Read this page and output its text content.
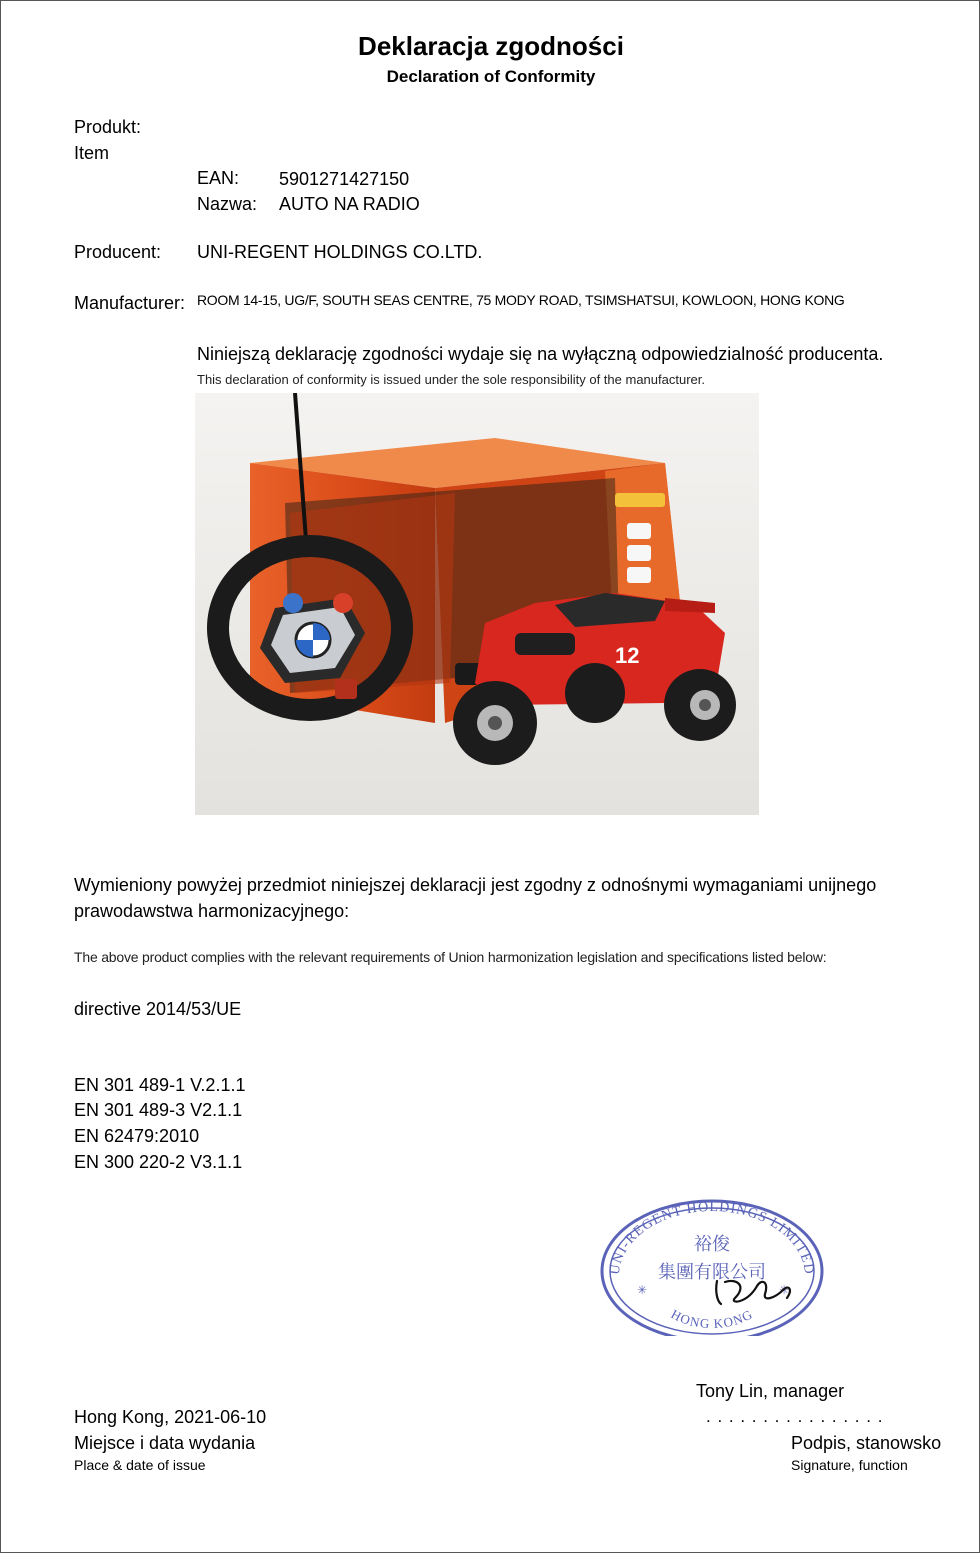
Deklaracja zgodności
Declaration of Conformity
Produkt:
Item
EAN: 5901271427150
Nazwa: AUTO NA RADIO
Producent: UNI-REGENT HOLDINGS CO.LTD.
Manufacturer: ROOM 14-15, UG/F, SOUTH SEAS CENTRE, 75 MODY ROAD, TSIMSHATSUI, KOWLOON, HONG KONG
Niniejszą deklarację zgodności wydaje się na wyłączną odpowiedzialność producenta.
This declaration of conformity is issued under the sole responsibility of the manufacturer.
12
Wymieniony powyżej przedmiot niniejszej deklaracji jest zgodny z odnośnymi wymaganiami unijnego
prawodawstwa harmonizacyjnego:
The above product complies with the relevant requirements of Union harmonization legislation and specifications listed below:
directive 2014/53/UE
EN 301 489-1 V.2.1.1
EN 301 489-3 V2.1.1
EN 62479:2010
EN 300 220-2 V3.1.1
UNI-REGENT HOLDINGS LIMITED
HONG KONG
裕俊
集團有限公司
✳	✳
Tony Lin, manager
. . . . . . . . . . . . . . . .
Hong Kong, 2021-06-10
Miejsce i data wydania
Place & date of issue
Podpis, stanowsko
Signature, function
